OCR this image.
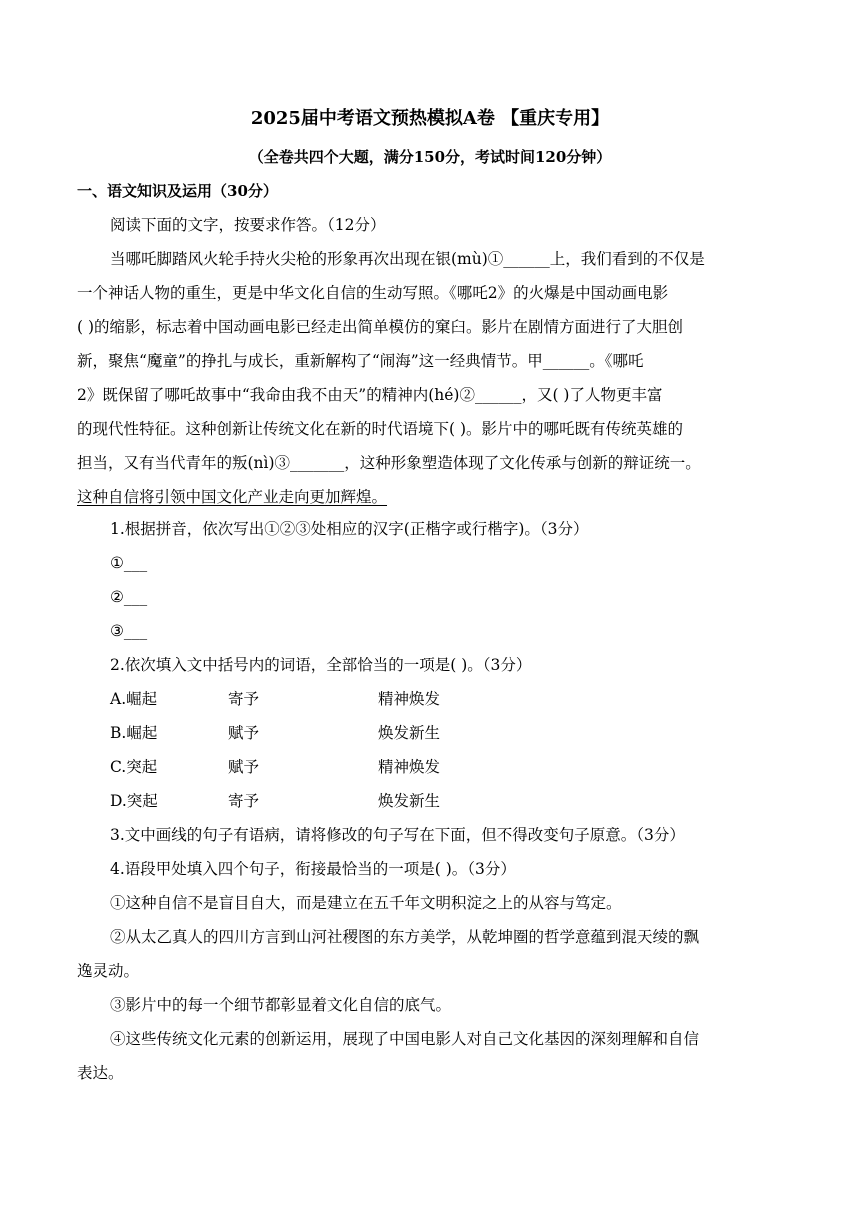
2025届中考语文预热模拟A卷 【重庆专用】
（全卷共四个大题，满分150分，考试时间120分钟）
一、语文知识及运用（30分）
阅读下面的文字，按要求作答。（12分）
当哪吒脚踏风火轮手持火尖枪的形象再次出现在银(mù)①______上，我们看到的不仅是
一个神话人物的重生，更是中华文化自信的生动写照。《哪吒2》的火爆是中国动画电影
( )的缩影，标志着中国动画电影已经走出简单模仿的窠臼。影片在剧情方面进行了大胆创
新，聚焦“魔童”的挣扎与成长，重新解构了“闹海”这一经典情节。甲______。《哪吒
2》既保留了哪吒故事中“我命由我不由天”的精神内(hé)②______，又( )了人物更丰富
的现代性特征。这种创新让传统文化在新的时代语境下( )。影片中的哪吒既有传统英雄的
担当，又有当代青年的叛(nì)③_______，这种形象塑造体现了文化传承与创新的辩证统一。
这种自信将引领中国文化产业走向更加辉煌。
1.根据拼音，依次写出①②③处相应的汉字(正楷字或行楷字)。（3分）
①___
②___
③___
2.依次填入文中括号内的词语，全部恰当的一项是( )。（3分）
A.崛起	寄予	精神焕发
B.崛起	赋予	焕发新生
C.突起	赋予	精神焕发
D.突起	寄予	焕发新生
3.文中画线的句子有语病，请将修改的句子写在下面，但不得改变句子原意。（3分）
4.语段甲处填入四个句子，衔接最恰当的一项是( )。（3分）
①这种自信不是盲目自大，而是建立在五千年文明积淀之上的从容与笃定。
②从太乙真人的四川方言到山河社稷图的东方美学，从乾坤圈的哲学意蕴到混天绫的飘
逸灵动。
③影片中的每一个细节都彰显着文化自信的底气。
④这些传统文化元素的创新运用，展现了中国电影人对自己文化基因的深刻理解和自信
表达。
